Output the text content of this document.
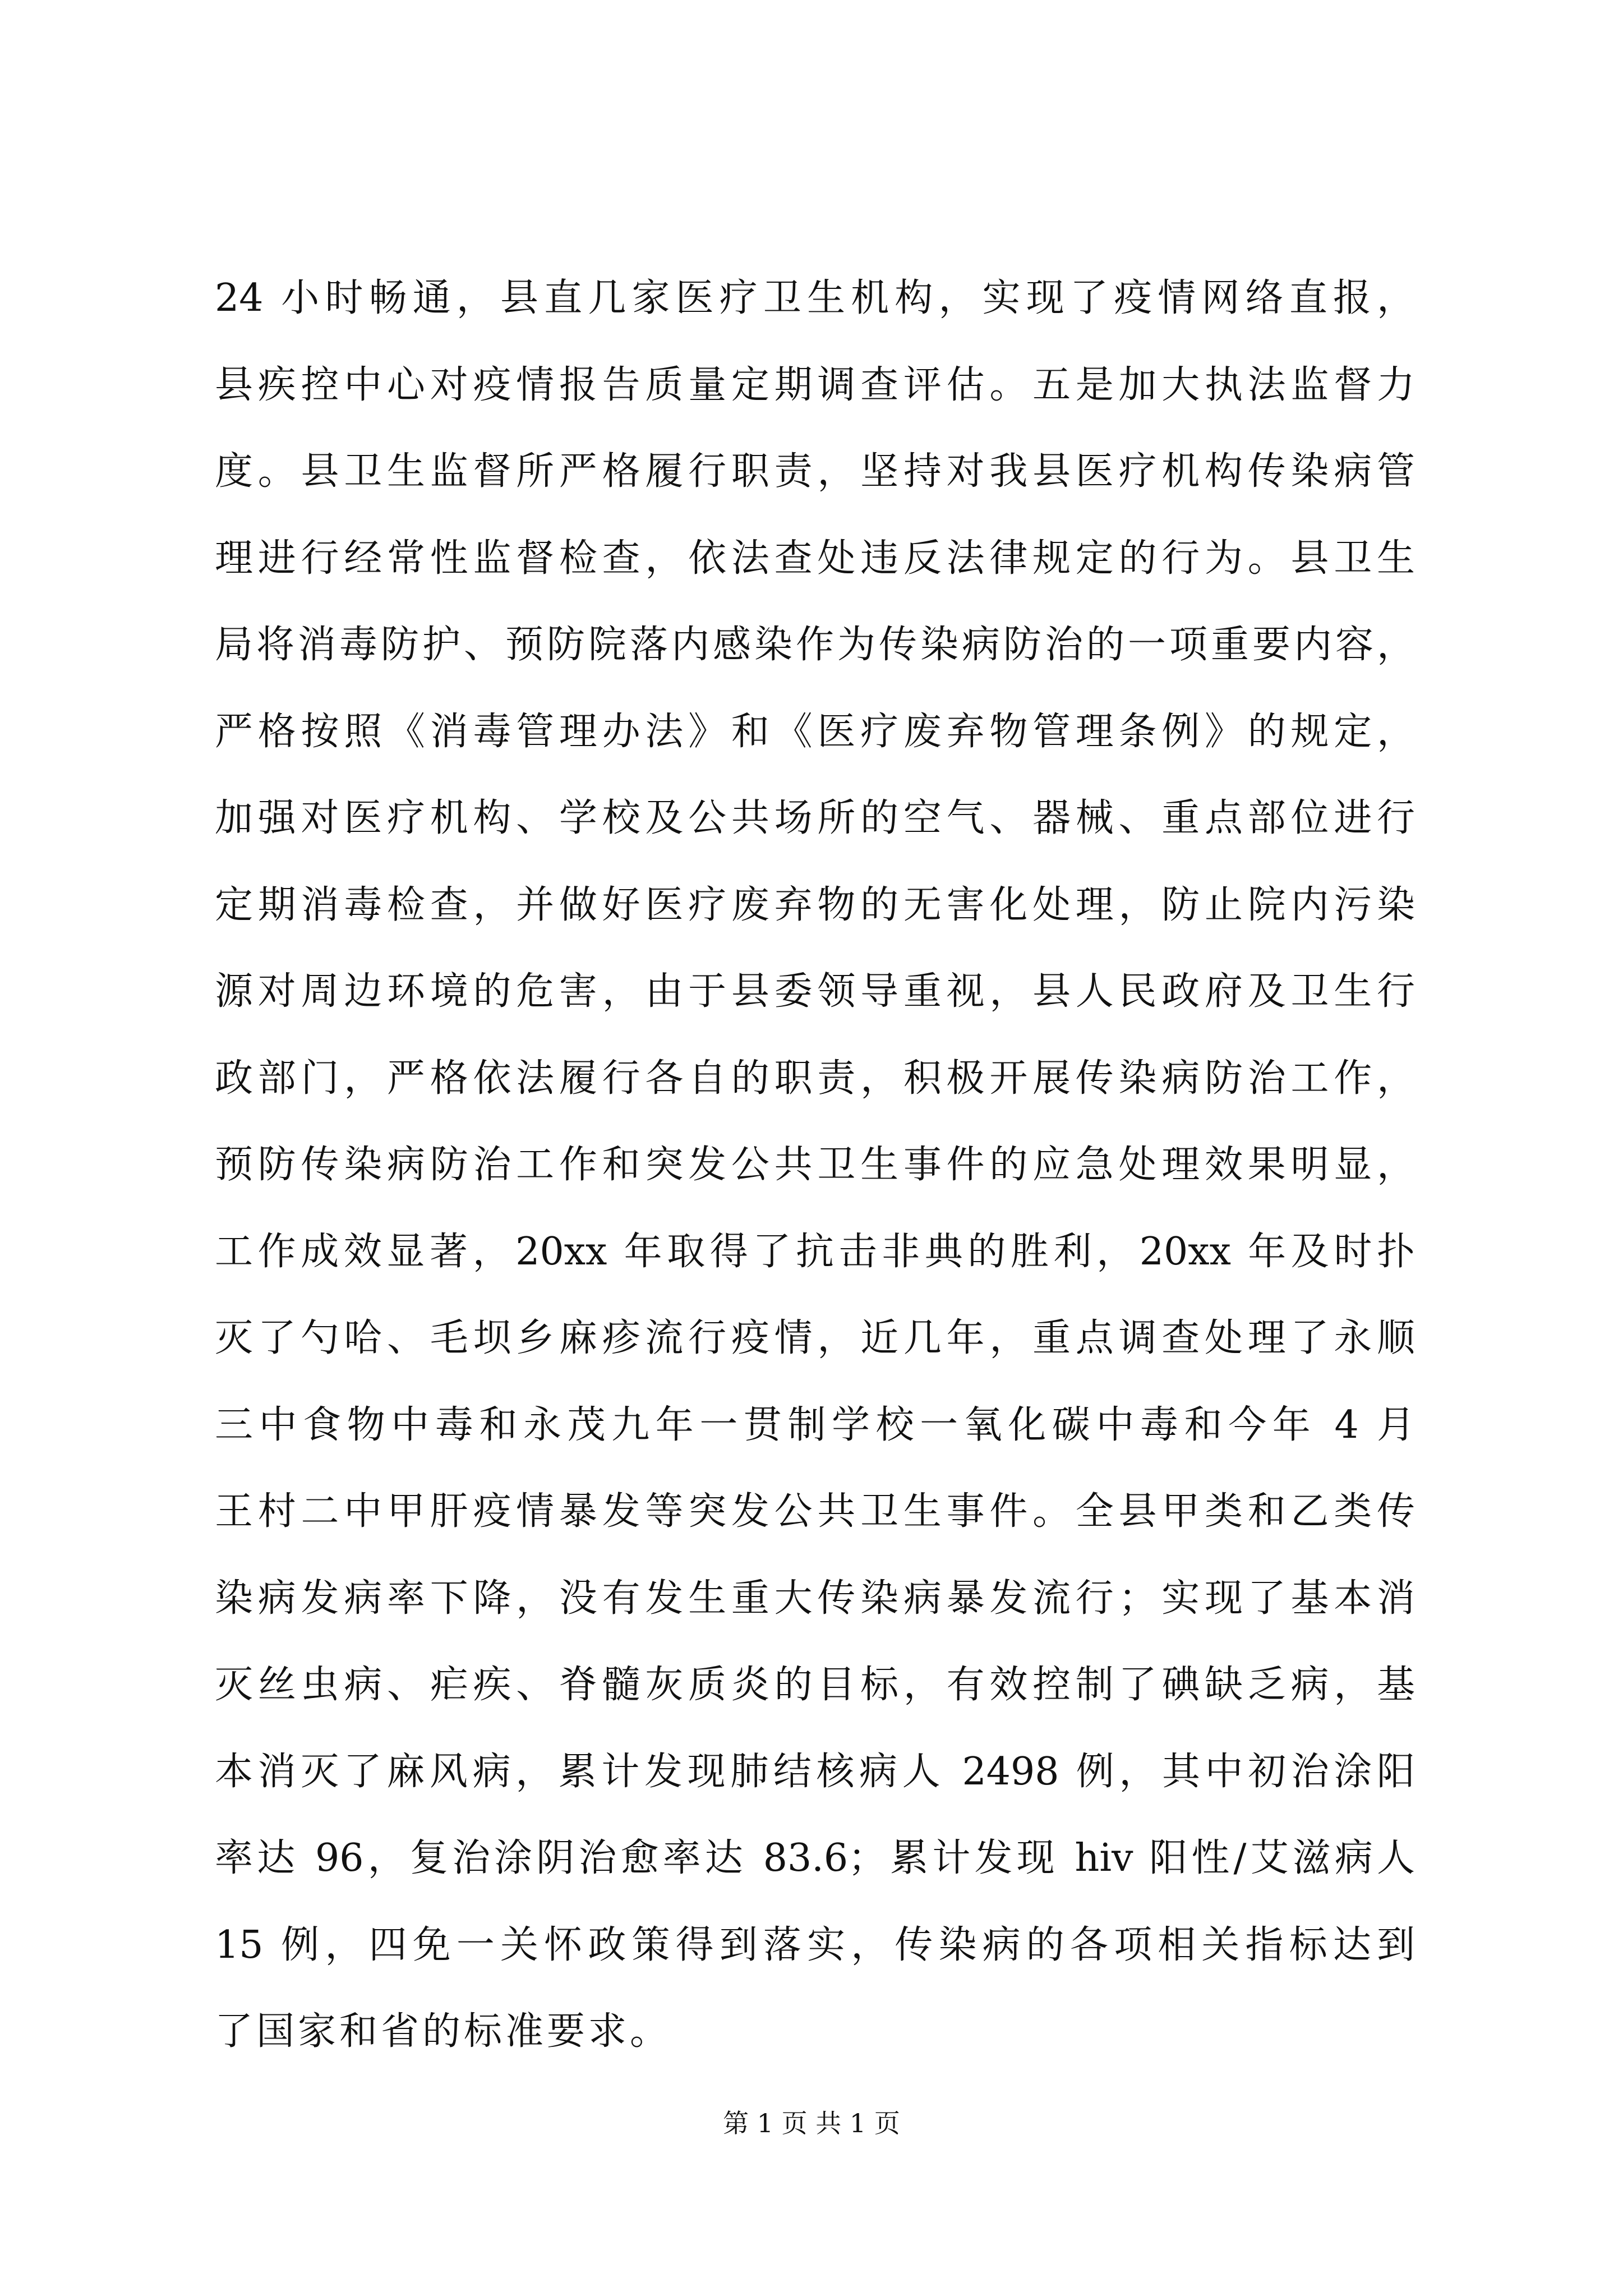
24 小时畅通，县直几家医疗卫生机构，实现了疫情网络直报，
县疾控中心对疫情报告质量定期调查评估。五是加大执法监督力
度。县卫生监督所严格履行职责，坚持对我县医疗机构传染病管
理进行经常性监督检查，依法查处违反法律规定的行为。县卫生
局将消毒防护、预防院落内感染作为传染病防治的一项重要内容，
严格按照《消毒管理办法》和《医疗废弃物管理条例》的规定，
加强对医疗机构、学校及公共场所的空气、器械、重点部位进行
定期消毒检查，并做好医疗废弃物的无害化处理，防止院内污染
源对周边环境的危害，由于县委领导重视，县人民政府及卫生行
政部门，严格依法履行各自的职责，积极开展传染病防治工作，
预防传染病防治工作和突发公共卫生事件的应急处理效果明显，
工作成效显著，20xx 年取得了抗击非典的胜利，20xx 年及时扑
灭了勺哈、毛坝乡麻疹流行疫情，近几年，重点调查处理了永顺
三中食物中毒和永茂九年一贯制学校一氧化碳中毒和今年 4 月
王村二中甲肝疫情暴发等突发公共卫生事件。全县甲类和乙类传
染病发病率下降，没有发生重大传染病暴发流行；实现了基本消
灭丝虫病、疟疾、脊髓灰质炎的目标，有效控制了碘缺乏病，基
本消灭了麻风病，累计发现肺结核病人 2498 例，其中初治涂阳
率达 96，复治涂阴治愈率达 83.6；累计发现 hiv 阳性/艾滋病人
15 例，四免一关怀政策得到落实，传染病的各项相关指标达到
了国家和省的标准要求。
第 1 页 共 1 页
